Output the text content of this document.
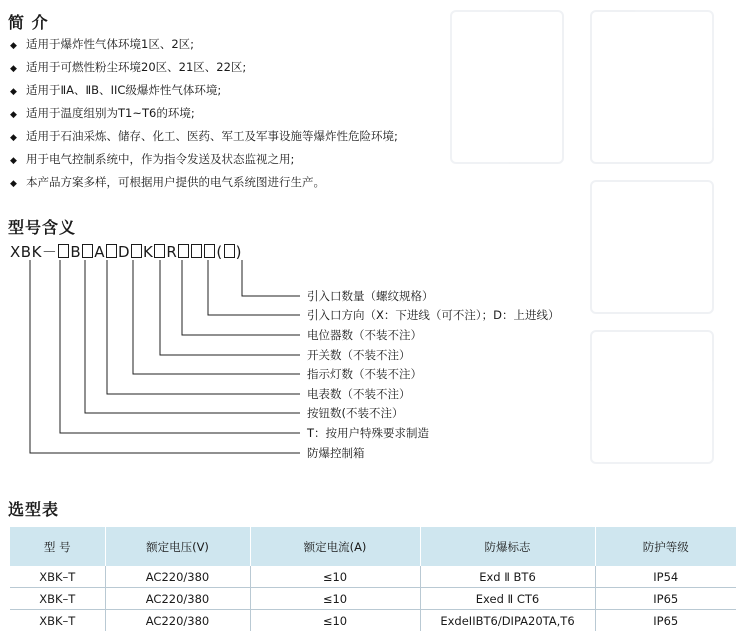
简 介
◆ 适用于爆炸性气体环境1区、2区;
◆ 适用于可燃性粉尘环境20区、21区、22区;
◆ 适用于ⅡA、ⅡB、IIC级爆炸性气体环境;
◆ 适用于温度组别为T1~T6的环境;
◆ 适用于石油采炼、储存、化工、医药、军工及军事设施等爆炸性危险环境;
◆ 用于电气控制系统中，作为指令发送及状态监视之用;
◆ 本产品方案多样，可根据用户提供的电气系统图进行生产。
型号含义
XBK－ B A D K R	( )
引入口数量（螺纹规格）
引入口方向（X：下进线（可不注）；D：上进线）
电位器数（不装不注）
开关数（不装不注）
指示灯数（不装不注）
电表数（不装不注）
按钮数(不装不注）
T：按用户特殊要求制造
防爆控制箱
选型表
型 号	额定电压(V)	额定电流(A)	防爆标志	防护等级
XBK–T	AC220/380	≤10	Exd Ⅱ BT6	IP54
XBK–T	AC220/380	≤10	Exed Ⅱ CT6	IP65
XBK–T	AC220/380	≤10	ExdeIIBT6/DIPA20TA,T6	IP65
